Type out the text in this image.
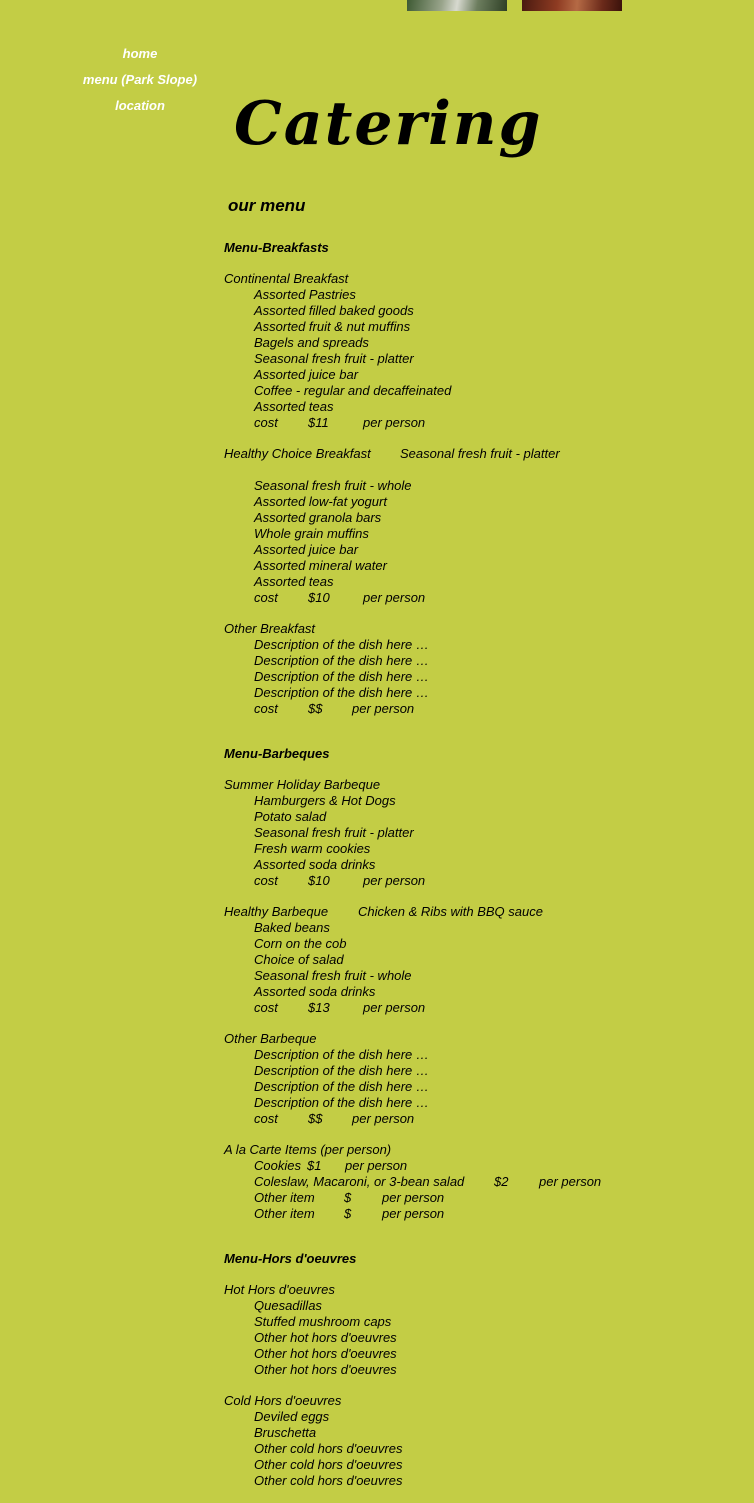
home
menu (Park Slope)
location	Catering
our menu
Menu-Breakfasts
Continental Breakfast
Assorted Pastries
Assorted filled baked goods
Assorted fruit & nut muffins
Bagels and spreads
Seasonal fresh fruit - platter
Assorted juice bar
Coffee - regular and decaffeinated
Assorted teas
cost $11	per person
Healthy Choice Breakfast Seasonal fresh fruit - platter
Seasonal fresh fruit - whole
Assorted low-fat yogurt
Assorted granola bars
Whole grain muffins
Assorted juice bar
Assorted mineral water
Assorted teas
cost $10	per person
Other Breakfast
Description of the dish here …
Description of the dish here …
Description of the dish here …
Description of the dish here …
cost $$ per person
Menu-Barbeques
Summer Holiday Barbeque
Hamburgers & Hot Dogs
Potato salad
Seasonal fresh fruit - platter
Fresh warm cookies
Assorted soda drinks
cost $10	per person
Healthy Barbeque Chicken & Ribs with BBQ sauce
Baked beans
Corn on the cob
Choice of salad
Seasonal fresh fruit - whole
Assorted soda drinks
cost $13	per person
Other Barbeque
Description of the dish here …
Description of the dish here …
Description of the dish here …
Description of the dish here …
cost $$ per person
A la Carte Items (per person)
Cookies $1 per person
Coleslaw, Macaroni, or 3-bean salad $2 per person
Other item $ per person
Other item $ per person
Menu-Hors d'oeuvres
Hot Hors d'oeuvres
Quesadillas
Stuffed mushroom caps
Other hot hors d'oeuvres
Other hot hors d'oeuvres
Other hot hors d'oeuvres
Cold Hors d'oeuvres
Deviled eggs
Bruschetta
Other cold hors d'oeuvres
Other cold hors d'oeuvres
Other cold hors d'oeuvres
